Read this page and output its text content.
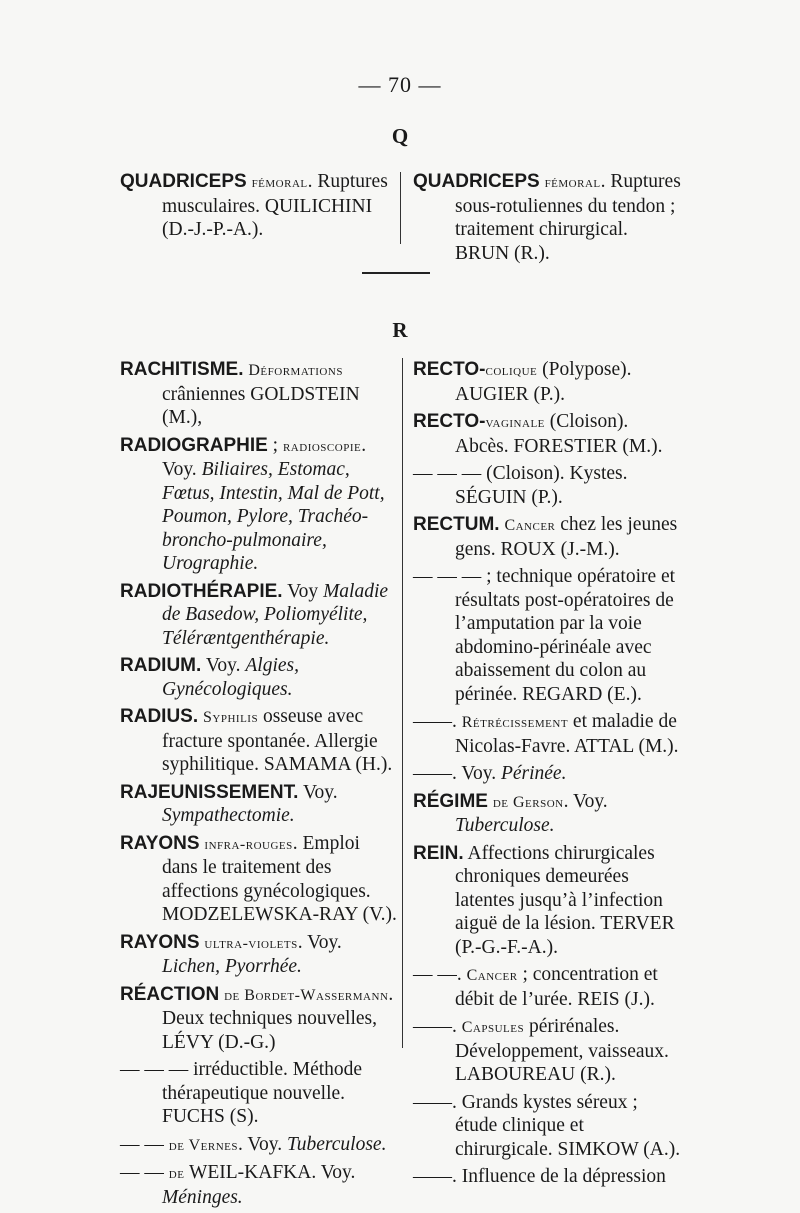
— 70 —
Q
QUADRICEPS fémoral. Ruptures musculaires. QUILICHINI (D.-J.-P.-A.).
QUADRICEPS fémoral. Ruptures sous-rotuliennes du tendon ; traitement chirurgical. BRUN (R.).
R
RACHITISME. Déformations crâniennes GOLDSTEIN (M.),
RADIOGRAPHIE ; radioscopie. Voy. Biliaires, Estomac, Fœtus, Intestin, Mal de Pott, Poumon, Pylore, Trachéo-broncho-pulmonaire, Urographie.
RADIOTHÉRAPIE. Voy Maladie de Basedow, Poliomyélite, Téléræntgenthérapie.
RADIUM. Voy. Algies, Gynécologiques.
RADIUS. Syphilis osseuse avec fracture spontanée. Allergie syphilitique. SAMAMA (H.).
RAJEUNISSEMENT. Voy. Sympathectomie.
RAYONS infra-rouges. Emploi dans le traitement des affections gynécologiques. MODZELEWSKA-RAY (V.).
RAYONS ultra-violets. Voy. Lichen, Pyorrhée.
RÉACTION de Bordet-Wassermann. Deux techniques nouvelles, LÉVY (D.-G.)
— — — irréductible. Méthode thérapeutique nouvelle. FUCHS (S).
— — de Vernes. Voy. Tuberculose.
— — de WEIL-KAFKA. Voy. Méninges.
RECTO-colique (Polypose). AUGIER (P.).
RECTO-vaginale (Cloison). Abcès. FORESTIER (M.).
— — — (Cloison). Kystes. SÉGUIN (P.).
RECTUM. Cancer chez les jeunes gens. ROUX (J.-M.).
— — — ; technique opératoire et résultats post-opératoires de l’amputation par la voie abdomino-périnéale avec abaissement du colon au périnée. REGARD (E.).
——. Rétrécissement et maladie de Nicolas-Favre. ATTAL (M.).
——. Voy. Périnée.
RÉGIME de Gerson. Voy. Tuberculose.
REIN. Affections chirurgicales chroniques demeurées latentes jusqu’à l’infection aiguë de la lésion. TERVER (P.-G.-F.-A.).
— —. Cancer ; concentration et débit de l’urée. REIS (J.).
——. Capsules périrénales. Développement, vaisseaux. LABOUREAU (R.).
——. Grands kystes séreux ; étude clinique et chirurgicale. SIMKOW (A.).
——. Influence de la dépression
